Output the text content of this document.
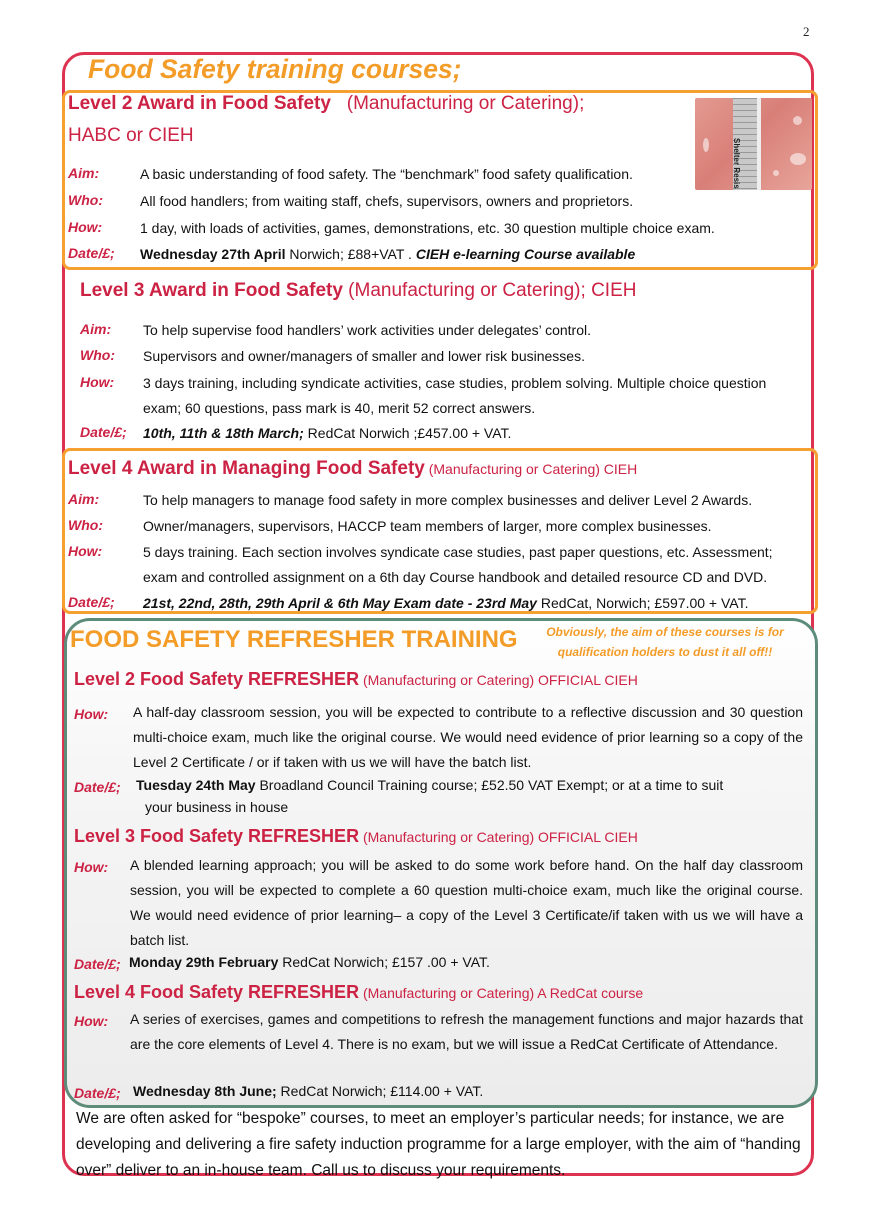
2
Food Safety training courses;
Level 2 Award in Food Safety (Manufacturing or Catering);
HABC or CIEH
Shelter Resis
Aim:	A basic understanding of food safety. The “benchmark” food safety qualification.
Who:	All food handlers; from waiting staff, chefs, supervisors, owners and proprietors.
How:	1 day, with loads of activities, games, demonstrations, etc. 30 question multiple choice exam.
Date/£; Wednesday 27th April Norwich; £88+VAT . CIEH e-learning Course available
Level 3 Award in Food Safety (Manufacturing or Catering); CIEH
Aim: To help supervise food handlers’ work activities under delegates’ control.
Who: Supervisors and owner/managers of smaller and lower risk businesses.
How: 3 days training, including syndicate activities, case studies, problem solving. Multiple choice question exam; 60 questions, pass mark is 40, merit 52 correct answers.
Date/£; 10th, 11th & 18th March; RedCat Norwich ;£457.00 + VAT.
Level 4 Award in Managing Food Safety (Manufacturing or Catering) CIEH
Aim:	To help managers to manage food safety in more complex businesses and deliver Level 2 Awards.
Who:	Owner/managers, supervisors, HACCP team members of larger, more complex businesses.
How:	5 days training. Each section involves syndicate case studies, past paper questions, etc. Assessment; exam and controlled assignment on a 6th day Course handbook and detailed resource CD and DVD.
Date/£; 21st, 22nd, 28th, 29th April & 6th May Exam date - 23rd May RedCat, Norwich; £597.00 + VAT.
FOOD SAFETY REFRESHER TRAINING	Obviously, the aim of these courses is for qualification holders to dust it all off!!
Level 2 Food Safety REFRESHER (Manufacturing or Catering) OFFICIAL CIEH
How: A half-day classroom session, you will be expected to contribute to a reflective discussion and 30 question multi-choice exam, much like the original course. We would need evidence of prior learning so a copy of the Level 2 Certificate / or if taken with us we will have the batch list.
Date/£; Tuesday 24th May Broadland Council Training course; £52.50 VAT Exempt; or at a time to suit
your business in house
Level 3 Food Safety REFRESHER (Manufacturing or Catering) OFFICIAL CIEH
How: A blended learning approach; you will be asked to do some work before hand. On the half day classroom session, you will be expected to complete a 60 question multi-choice exam, much like the original course. We would need evidence of prior learning– a copy of the Level 3 Certificate/if taken with us we will have a batch list.
Date/£; Monday 29th February RedCat Norwich; £157 .00 + VAT.
Level 4 Food Safety REFRESHER (Manufacturing or Catering) A RedCat course
How: A series of exercises, games and competitions to refresh the management functions and major hazards that are the core elements of Level 4. There is no exam, but we will issue a RedCat Certificate of Attendance.
Date/£; Wednesday 8th June; RedCat Norwich; £114.00 + VAT.
We are often asked for “bespoke” courses, to meet an employer’s particular needs; for instance, we are developing and delivering a fire safety induction programme for a large employer, with the aim of “handing over” deliver to an in-house team. Call us to discuss your requirements.
